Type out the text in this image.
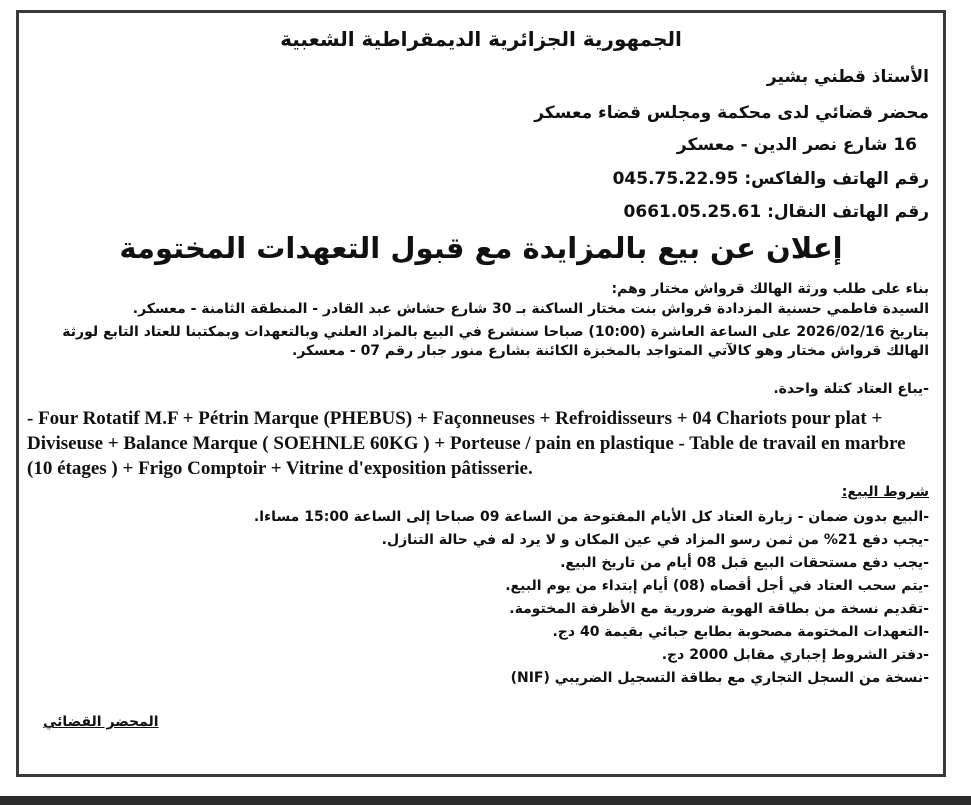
الجمهورية الجزائرية الديمقراطية الشعبية

الأستاذ قطني بشير

محضر قضائي لدى محكمة ومجلس قضاء معسكر

16 شارع نصر الدين - معسكر

رقم الهاتف والفاكس: 045.75.22.95

رقم الهاتف النقال: 0661.05.25.61

إعلان عن بيع بالمزايدة مع قبول التعهدات المختومة

بناء على طلب ورثة الهالك قرواش مختار وهم:

السيدة فاطمي حسنية المزدادة قرواش بنت مختار الساكنة بـ 30 شارع حشاش عبد القادر - المنطقة الثامنة - معسكر.

بتاريخ 2026/02/16 على الساعة العاشرة (10:00) صباحا سنشرع في البيع بالمزاد العلني وبالتعهدات وبمكتبنا للعتاد التابع لورثة الهالك قرواش مختار وهو كالآتي المتواجد بالمخبزة الكائنة بشارع منور جبار رقم 07 - معسكر.

-يباع العتاد كتلة واحدة.

- Four Rotatif M.F + Pétrin Marque (PHEBUS) + Façonneuses + Refroidisseurs + 04 Chariots pour plat + Diviseuse + Balance Marque ( SOEHNLE 60KG ) + Porteuse / pain en plastique - Table de travail en marbre (10 étages ) + Frigo Comptoir + Vitrine d'exposition pâtisserie.

شروط البيع:

-البيع بدون ضمان - زيارة العتاد كل الأيام المفتوحة من الساعة 09 صباحا إلى الساعة 15:00 مساءا.
-يجب دفع 21% من ثمن رسو المزاد في عين المكان و لا يرد له في حالة التنازل.
-يجب دفع مستحقات البيع قبل 08 أيام من تاريخ البيع.
-يتم سحب العتاد في أجل أقصاه (08) أيام إبتداء من يوم البيع.
-تقديم نسخة من بطاقة الهوية ضرورية مع الأظرفة المختومة.
-التعهدات المختومة مصحوبة بطابع جبائي بقيمة 40 دج.
-دفتر الشروط إجباري مقابل 2000 دج.
-نسخة من السجل التجاري مع بطاقة التسجيل الضريبي (NIF)

المحضر القضائي
